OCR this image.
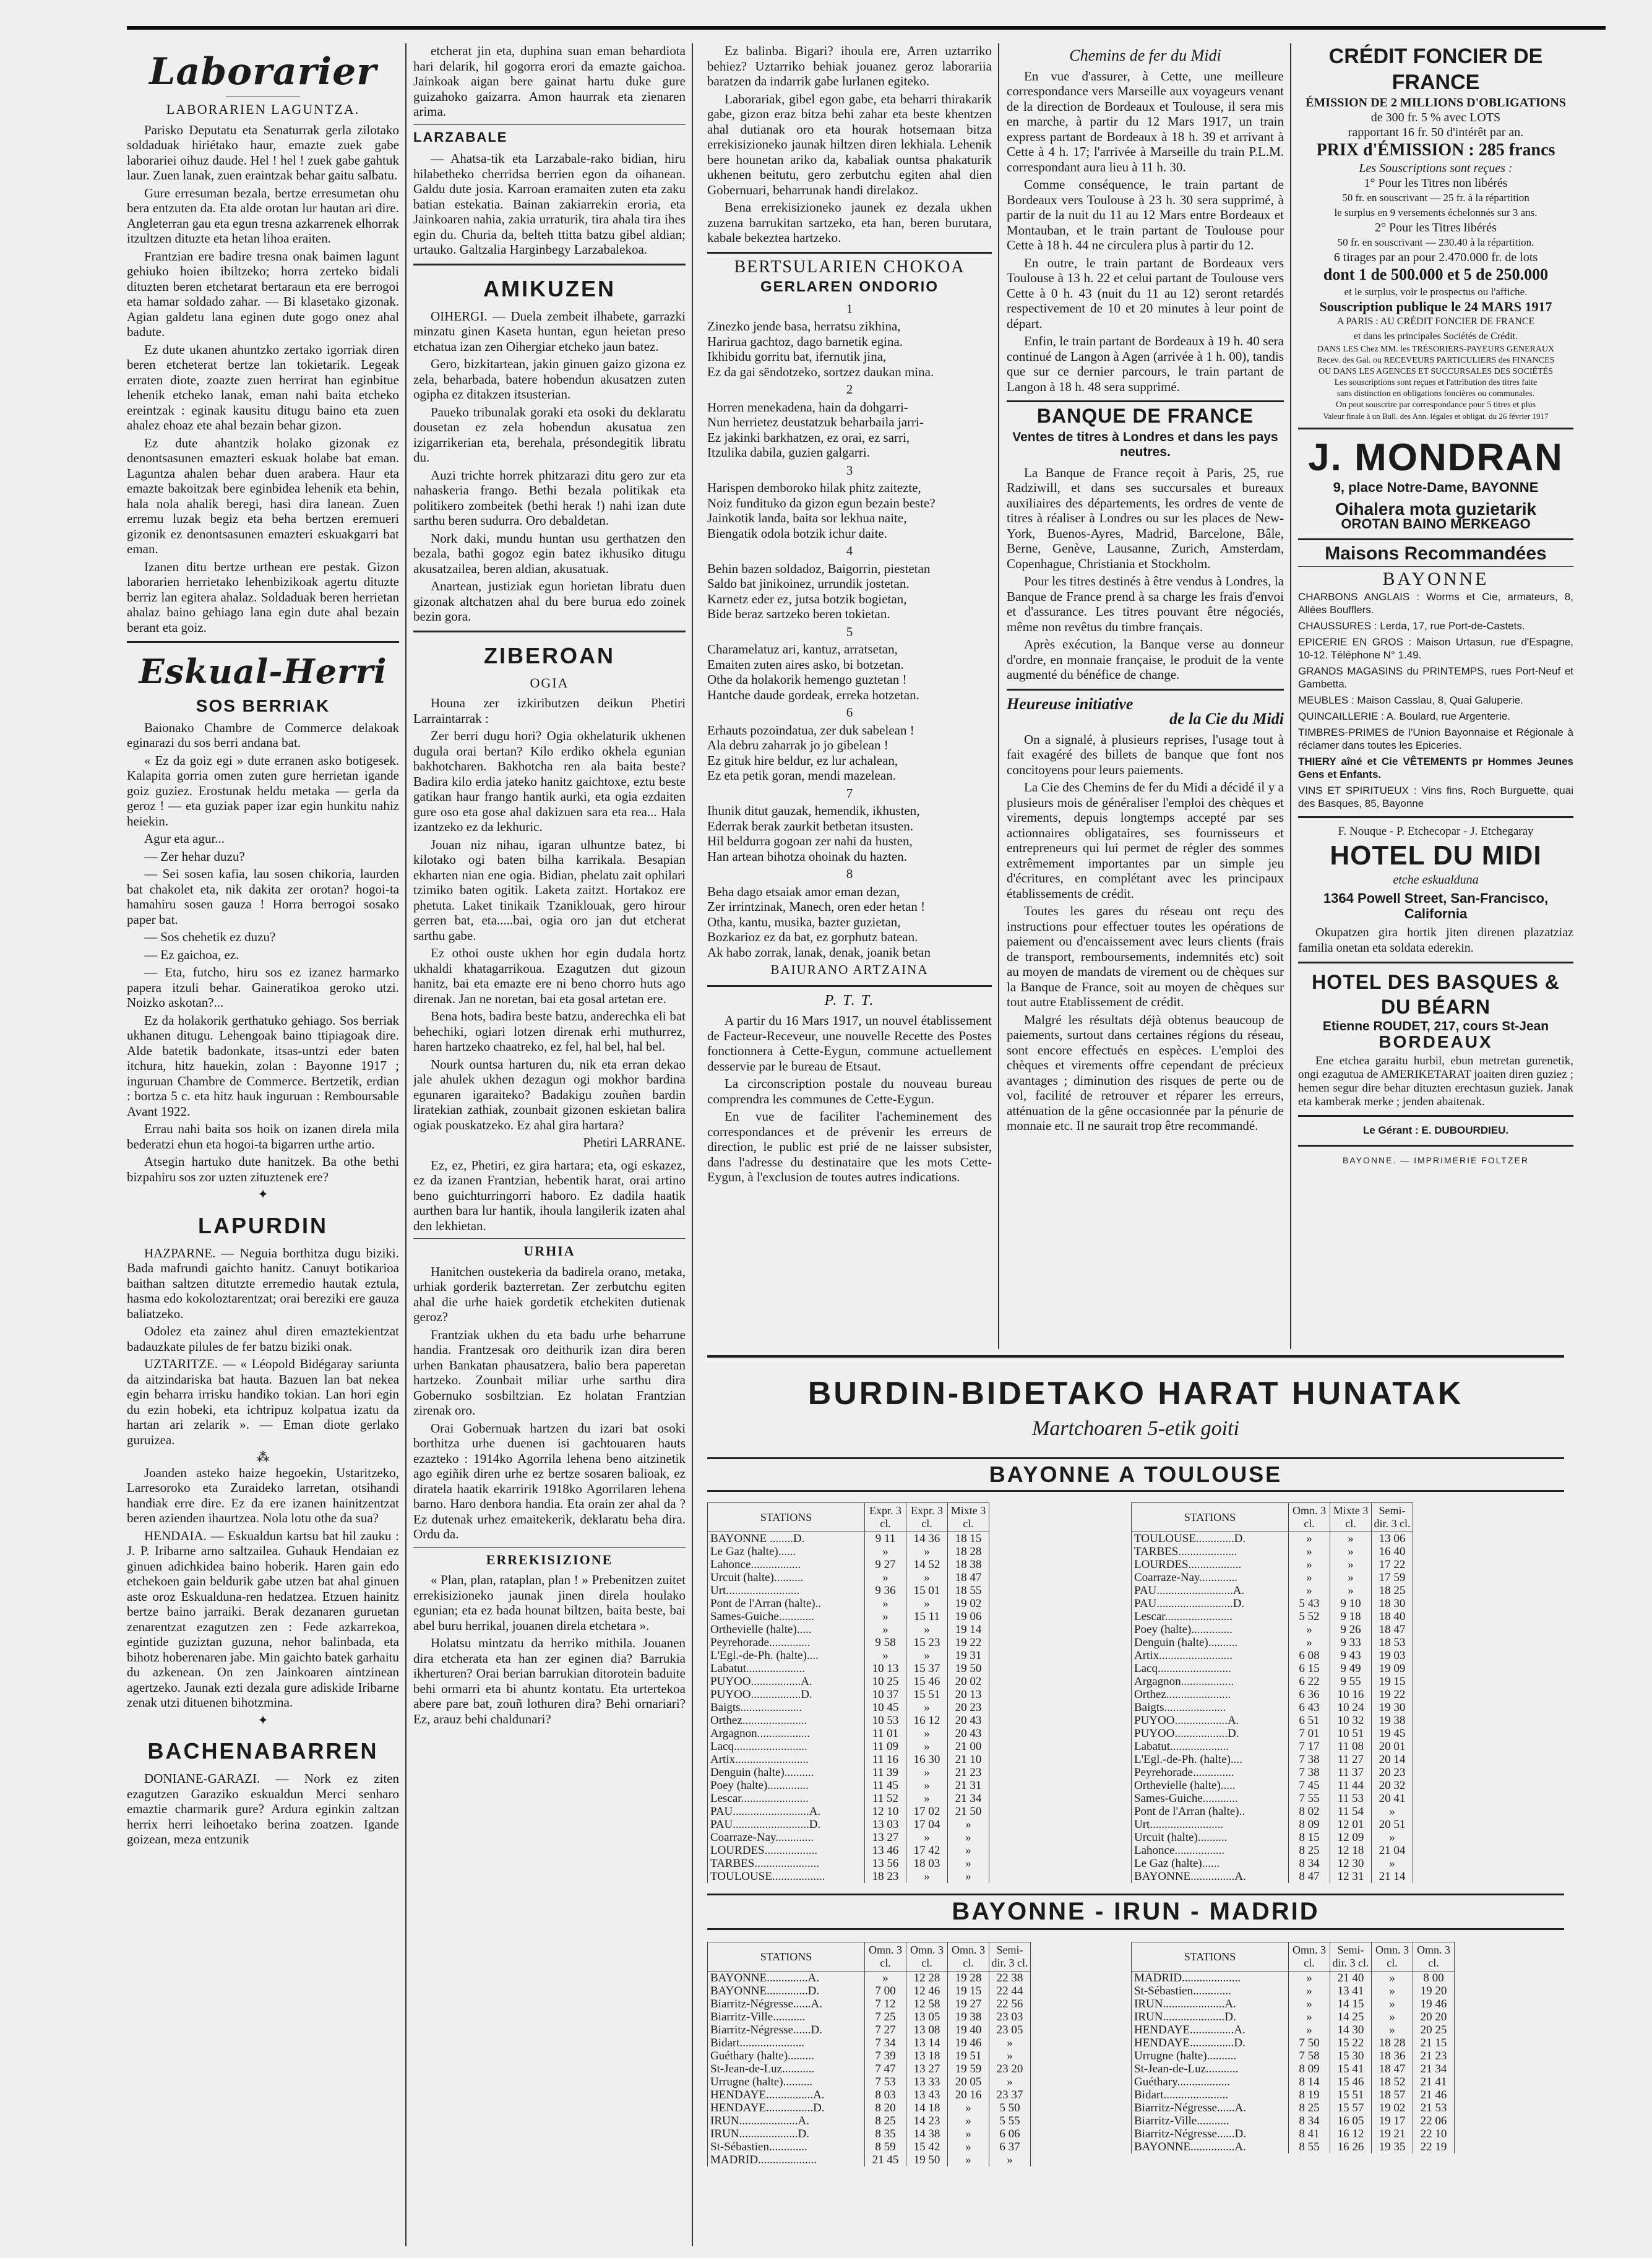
Laborarier
LABORARIEN LAGUNTZA.

Parisko Deputatu eta Senaturrak gerla zilotako soldaduak hiriétako haur, emazte zuek gabe laborariei oihuz daude. Hel ! hel ! zuek gabe gahtuk laur. Zuen lanak, zuen eraintzak behar gaitu salbatu.

Gure erresuman bezala, bertze erresumetan ohu bera entzuten da. Eta alde orotan lur hautan ari dire. Angleterran gau eta egun tresna azkarrenek elhorrak itzultzen dituzte eta hetan lihoa eraiten.

Frantzian ere badire tresna onak baimen lagunt gehiuko hoien ibiltzeko; horra zerteko bidali dituzten beren etchetarat bertaraun eta ere berrogoi eta hamar soldado zahar. — Bi klasetako gizonak. Agian galdetu lana eginen dute gogo onez ahal badute.

Ez dute ukanen ahuntzko zertako igorriak diren beren etcheterat bertze lan tokietarik. Legeak erraten diote, zoazte zuen herrirat han eginbitue lehenik etcheko lanak, eman nahi baita etcheko ereintzak : eginak kausitu ditugu baino eta zuen ahalez ehoaz ete ahal bezain behar gizon.

Ez dute ahantzik holako gizonak ez denontsasunen emazteri eskuak holabe bat eman. Laguntza ahalen behar duen arabera. Haur eta emazte bakoitzak bere eginbidea lehenik eta behin, hala nola ahalik beregi, hasi dira lanean. Zuen erremu luzak begiz eta beha bertzen eremueri gizonik ez denontsasunen emazteri eskuakgarri bat eman.

Izanen ditu bertze urthean ere pestak. Gizon laborarien herrietako lehenbizikoak agertu dituzte berriz lan egitera ahalaz. Soldaduak beren herrietan ahalaz baino gehiago lana egin dute ahal bezain berant eta goiz.

Eskual-Herri
SOS BERRIAK

Baionako Chambre de Commerce delakoak eginarazi du sos berri andana bat.

« Ez da goiz egi » dute erranen asko botigesek. Kalapita gorria omen zuten gure herrietan igande goiz guziez. Erostunak heldu metaka — gerla da geroz ! — eta guziak paper izar egin hunkitu nahiz heiekin.

Agur eta agur...

— Zer hehar duzu?

— Sei sosen kafia, lau sosen chikoria, laurden bat chakolet eta, nik dakita zer orotan? hogoi-ta hamahiru sosen gauza ! Horra berrogoi sosako paper bat.

— Sos chehetik ez duzu?

— Ez gaichoa, ez.

— Eta, futcho, hiru sos ez izanez harmarko papera itzuli behar. Gaineratikoa geroko utzi. Noizko askotan?...

Ez da holakorik gerthatuko gehiago. Sos berriak ukhanen ditugu. Lehengoak baino ttipiagoak dire. Alde batetik badonkate, itsas-untzi eder baten itchura, hitz hauekin, zolan : Bayonne 1917 ; inguruan Chambre de Commerce. Bertzetik, erdian : bortza 5 c. eta hitz hauk inguruan : Remboursable Avant 1922.

Errau nahi baita sos hoik on izanen direla mila bederatzi ehun eta hogoi-ta bigarren urthe artio.

Atsegin hartuko dute hanitzek. Ba othe bethi bizpahiru sos zor uzten zituztenek ere?

✦
LAPURDIN

HAZPARNE. — Neguia borthitza dugu biziki. Bada mafrundi gaichto hanitz. Canuyt botikarioa baithan saltzen ditutzte erremedio hautak eztula, hasma edo kokoloztarentzat; orai bereziki ere gauza baliatzeko.

Odolez eta zainez ahul diren emaztekientzat badauzkate pilules de fer batzu biziki onak.

UZTARITZE. — « Léopold Bidégaray sariunta da aitzindariska bat hauta. Bazuen lan bat nekea egin beharra irrisku handiko tokian. Lan hori egin du ezin hobeki, eta ichtripuz kolpatua izatu da hartan ari zelarik ». — Eman diote gerlako guruizea.

⁂

Joanden asteko haize hegoekin, Ustaritzeko, Larresoroko eta Zuraideko larretan, otsihandi handiak erre dire. Ez da ere izanen hainitzentzat beren azienden ihaurtzea. Nola lotu othe da sua?

HENDAIA. — Eskualdun kartsu bat hil zauku : J. P. Iribarne arno saltzailea. Guhauk Hendaian ez ginuen adichkidea baino hoberik. Haren gain edo etchekoen gain beldurik gabe utzen bat ahal ginuen aste oroz Eskualduna-ren hedatzea. Etzuen hainitz bertze baino jarraiki. Berak dezanaren guruetan zenarentzat ezagutzen zen : Fede azkarrekoa, egintide guziztan guzuna, nehor balinbada, eta bihotz hoberenaren jabe. Min gaichto batek garhaitu du azkenean. On zen Jainkoaren aintzinean agertzeko. Jaunak ezti dezala gure adiskide Iribarne zenak utzi dituenen bihotzmina.

✦
BACHENABARREN

DONIANE-GARAZI. — Nork ez ziten ezagutzen Garaziko eskualdun Merci senharo emaztie charmarik gure? Ardura eginkin zaltzan herrix herri leihoetako berina zoatzen. Igande goizean, meza entzunik

etcherat jin eta, duphina suan eman behardiota hari delarik, hil gogorra erori da emazte gaichoa. Jainkoak aigan bere gainat hartu duke gure guizahoko gaizarra. Amon haurrak eta zienaren arima.

LARZABALE

— Ahatsa-tik eta Larzabale-rako bidian, hiru hilabetheko cherridsa berrien egon da oihanean. Galdu dute josia. Karroan eramaiten zuten eta zaku batian estekatia. Bainan zakiarrekin eroria, eta Jainkoaren nahia, zakia urraturik, tira ahala tira ihes egin du. Churia da, belteh ttitta batzu gibel aldian; urtauko. Galtzalia Harginbegy Larzabalekoa.

AMIKUZEN

OIHERGI. — Duela zembeit ilhabete, garrazki minzatu ginen Kaseta huntan, egun heietan preso etchatua izan zen Oihergiar etcheko jaun batez.

Gero, bizkitartean, jakin ginuen gaizo gizona ez zela, beharbada, batere hobendun akusatzen zuten ogipha ez ditakzen itsusterian.

Paueko tribunalak goraki eta osoki du deklaratu dousetan ez zela hobendun akusatua zen izigarrikerian eta, berehala, présondegitik libratu du.

Auzi trichte horrek phitzarazi ditu gero zur eta nahaskeria frango. Bethi bezala politikak eta politikero zombeitek (bethi herak !) nahi izan dute sarthu beren sudurra. Oro debaldetan.

Nork daki, mundu huntan usu gerthatzen den bezala, bathi gogoz egin batez ikhusiko ditugu akusatzailea, beren aldian, akusatuak.

Anartean, justiziak egun horietan libratu duen gizonak altchatzen ahal du bere burua edo zoinek bezin gora.

ZIBEROAN
OGIA

Houna zer izkiributzen deikun Phetiri Larraintarrak :

Zer berri dugu hori? Ogia okhelaturik ukhenen dugula orai bertan? Kilo erdiko okhela egunian bakhotcharen. Bakhotcha ren ala baita beste? Badira kilo erdia jateko hanitz gaichtoxe, eztu beste gatikan haur frango hantik aurki, eta ogia ezdaiten gure oso eta gose ahal dakizuen sara eta rea... Hala izantzeko ez da lekhuric.

Jouan niz nihau, igaran ulhuntze batez, bi kilotako ogi baten bilha karrikala. Besapian ekharten nian ene ogia. Bidian, phelatu zait ophilari tzimiko baten ogitik. Laketa zaitzt. Hortakoz ere phetuta. Laket tinikaik Tzaniklouak, gero hirour gerren bat, eta.....bai, ogia oro jan dut etcherat sarthu gabe.

Ez othoi ouste ukhen hor egin dudala hortz ukhaldi khatagarrikoua. Ezagutzen dut gizoun hanitz, bai eta emazte ere ni beno chorro huts ago direnak. Jan ne noretan, bai eta gosal artetan ere.

Bena hots, badira beste batzu, anderechka eli bat behechiki, ogiari lotzen direnak erhi muthurrez, haren hartzeko chaatreko, ez fel, hal bel, hal bel.

Nourk ountsa harturen du, nik eta erran dekao jale ahulek ukhen dezagun ogi mokhor bardina egunaren igaraiteko? Badakigu zouñen bardin liratekian zathiak, zounbait gizonen eskietan balira ogiak pouskatzeko. Ez ahal gira hartara?

Phetiri LARRANE.

Ez, ez, Phetiri, ez gira hartara; eta, ogi eskazez, ez da izanen Frantzian, hebentik harat, orai artino beno guichturringorri haboro. Ez dadila haatik aurthen bara lur hantik, ihoula langilerik izaten ahal den lekhietan.

URHIA

Hanitchen oustekeria da badirela orano, metaka, urhiak gorderik bazterretan. Zer zerbutchu egiten ahal die urhe haiek gordetik etchekiten dutienak geroz?

Frantziak ukhen du eta badu urhe beharrune handia. Frantzesak oro deithurik izan dira beren urhen Bankatan phausatzera, balio bera paperetan hartzeko. Zounbait miliar urhe sarthu dira Gobernuko sosbiltzian. Ez holatan Frantzian zirenak oro.

Orai Gobernuak hartzen du izari bat osoki borthitza urhe duenen isi gachtouaren hauts ezazteko : 1914ko Agorrila lehena beno aitzinetik ago egiñik diren urhe ez bertze sosaren balioak, ez diratela haatik ekarririk 1918ko Agorrilaren lehena barno. Haro denbora handia. Eta orain zer ahal da ? Ez dutenak urhez emaitekerik, deklaratu beha dira. Ordu da.

ERREKISIZIONE

« Plan, plan, rataplan, plan ! » Prebenitzen zuitet errekisizioneko jaunak jinen direla houlako egunian; eta ez bada hounat biltzen, baita beste, bai abel buru herrikal, jouanen direla etchetara ».

Holatsu mintzatu da herriko mithila. Jouanen dira etcherata eta han zer eginen dia? Barrukia ikherturen? Orai berian barrukian ditorotein baduite behi ormarri eta bi ahuntz kontatu. Eta urtertekoa abere pare bat, zouñ lothuren dira? Behi ornariari? Ez, arauz behi chaldunari?

Ez balinba. Bigari? ihoula ere, Arren uztarriko behiez? Uztarriko behiak jouanez geroz laborariia baratzen da indarrik gabe lurlanen egiteko.

Laborariak, gibel egon gabe, eta beharri thirakarik gabe, gizon eraz bitza behi zahar eta beste khentzen ahal dutianak oro eta hourak hotsemaan bitza errekisizioneko jaunak hiltzen diren lekhiala. Lehenik bere hounetan ariko da, kabaliak ountsa phakaturik ukhenen beitutu, gero zerbutchu egiten ahal dien Gobernuari, beharrunak handi direlakoz.

Bena errekisizioneko jaunek ez dezala ukhen zuzena barrukitan sartzeko, eta han, beren burutara, kabale bekeztea hartzeko.

BERTSULARIEN CHOKOA
GERLAREN ONDORIO
1

Zinezko jende basa, herratsu zikhina,

Harirua gachtoz, dago barnetik egina.

Ikhibidu gorritu bat, ifernutik jina,

Ez da gai sëndotzeko, sortzez daukan mina.

2

Horren menekadena, hain da dohgarri-

Nun herrietez deustatzuk beharbaila jarri-

Ez jakinki barkhatzen, ez orai, ez sarri,

Itzulika dabila, guzien galgarri.

3

Harispen demboroko hilak phitz zaitezte,

Noiz fundituko da gizon egun bezain beste?

Jainkotik landa, baita sor lekhua naite,

Biengatik odola botzik ichur daite.

4

Behin bazen soldadoz, Baigorrin, piestetan

Saldo bat jinikoinez, urrundik jostetan.

Karnetz eder ez, jutsa botzik bogietan,

Bide beraz sartzeko beren tokietan.

5

Charamelatuz ari, kantuz, arratsetan,

Emaiten zuten aires asko, bi botzetan.

Othe da holakorik hemengo guztetan !

Hantche daude gordeak, erreka hotzetan.

6

Erhauts pozoindatua, zer duk sabelean !

Ala debru zaharrak jo jo gibelean !

Ez gituk hire beldur, ez lur achalean,

Ez eta petik goran, mendi mazelean.

7

Ihunik ditut gauzak, hemendik, ikhusten,

Ederrak berak zaurkit betbetan itsusten.

Hil beldurra gogoan zer nahi da husten,

Han artean bihotza ohoinak du hazten.

8

Beha dago etsaiak amor eman dezan,

Zer irrintzinak, Manech, oren eder hetan !

Otha, kantu, musika, bazter guzietan,

Bozkarioz ez da bat, ez gorphutz batean.

Ak habo zorrak, lanak, denak, joanik betan

BAIURANO ARTZAINA
P. T. T.

A partir du 16 Mars 1917, un nouvel établissement de Facteur-Receveur, une nouvelle Recette des Postes fonctionnera à Cette-Eygun, commune actuellement desservie par le bureau de Etsaut.

La circonscription postale du nouveau bureau comprendra les communes de Cette-Eygun.

En vue de faciliter l'acheminement des correspondances et de prévenir les erreurs de direction, le public est prié de ne laisser subsister, dans l'adresse du destinataire que les mots Cette-Eygun, à l'exclusion de toutes autres indications.

Chemins de fer du Midi

En vue d'assurer, à Cette, une meilleure correspondance vers Marseille aux voyageurs venant de la direction de Bordeaux et Toulouse, il sera mis en marche, à partir du 12 Mars 1917, un train express partant de Bordeaux à 18 h. 39 et arrivant à Cette à 4 h. 17; l'arrivée à Marseille du train P.L.M. correspondant aura lieu à 11 h. 30.

Comme conséquence, le train partant de Bordeaux vers Toulouse à 23 h. 30 sera supprimé, à partir de la nuit du 11 au 12 Mars entre Bordeaux et Montauban, et le train partant de Toulouse pour Cette à 18 h. 44 ne circulera plus à partir du 12.

En outre, le train partant de Bordeaux vers Toulouse à 13 h. 22 et celui partant de Toulouse vers Cette à 0 h. 43 (nuit du 11 au 12) seront retardés respectivement de 10 et 20 minutes à leur point de départ.

Enfin, le train partant de Bordeaux à 19 h. 40 sera continué de Langon à Agen (arrivée à 1 h. 00), tandis que sur ce dernier parcours, le train partant de Langon à 18 h. 48 sera supprimé.

BANQUE DE FRANCE
Ventes de titres à Londres et dans les pays neutres.

La Banque de France reçoit à Paris, 25, rue Radziwill, et dans ses succursales et bureaux auxiliaires des départements, les ordres de vente de titres à réaliser à Londres ou sur les places de New-York, Buenos-Ayres, Madrid, Barcelone, Bâle, Berne, Genève, Lausanne, Zurich, Amsterdam, Copenhague, Christiania et Stockholm.

Pour les titres destinés à être vendus à Londres, la Banque de France prend à sa charge les frais d'envoi et d'assurance. Les titres pouvant être négociés, même non revêtus du timbre français.

Après exécution, la Banque verse au donneur d'ordre, en monnaie française, le produit de la vente augmenté du bénéfice de change.

Heureuse initiative
de la Cie du Midi

On a signalé, à plusieurs reprises, l'usage tout à fait exagéré des billets de banque que font nos concitoyens pour leurs paiements.

La Cie des Chemins de fer du Midi a décidé il y a plusieurs mois de généraliser l'emploi des chèques et virements, depuis longtemps accepté par ses actionnaires obligataires, ses fournisseurs et entrepreneurs qui lui permet de régler des sommes extrêmement importantes par un simple jeu d'écritures, en complétant avec les principaux établissements de crédit.

Toutes les gares du réseau ont reçu des instructions pour effectuer toutes les opérations de paiement ou d'encaissement avec leurs clients (frais de transport, remboursements, indemnités etc) soit au moyen de mandats de virement ou de chèques sur la Banque de France, soit au moyen de chèques sur tout autre Etablissement de crédit.

Malgré les résultats déjà obtenus beaucoup de paiements, surtout dans certaines régions du réseau, sont encore effectués en espèces. L'emploi des chèques et virements offre cependant de précieux avantages ; diminution des risques de perte ou de vol, facilité de retrouver et réparer les erreurs, atténuation de la gêne occasionnée par la pénurie de monnaie etc. Il ne saurait trop être recommandé.

CRÉDIT FONCIER DE FRANCE
ÉMISSION DE 2 MILLIONS D'OBLIGATIONS
de 300 fr. 5 % avec LOTS
rapportant 16 fr. 50 d'intérêt par an.
PRIX d'ÉMISSION : 285 francs
Les Souscriptions sont reçues :
1° Pour les Titres non libérés
50 fr. en souscrivant — 25 fr. à la répartition
le surplus en 9 versements échelonnés sur 3 ans.
2° Pour les Titres libérés
50 fr. en souscrivant — 230.40 à la répartition.
6 tirages par an pour 2.470.000 fr. de lots
dont 1 de 500.000 et 5 de 250.000
et le surplus, voir le prospectus ou l'affiche.
Souscription publique le 24 MARS 1917
A PARIS : AU CRÉDIT FONCIER DE FRANCE
et dans les principales Sociétés de Crédit.
DANS LES Chez MM. les TRÉSORIERS-PAYEURS GENERAUX
Recev. des Gal. ou RECEVEURS PARTICULIERS des FINANCES
OU DANS LES AGENCES ET SUCCURSALES DES SOCIÉTÉS
Les souscriptions sont reçues et l'attribution des titres faite
sans distinction en obligations foncières ou communales.
On peut souscrire par correspondance pour 5 titres et plus
Valeur finale à un Bull. des Ann. légales et obligat. du 26 février 1917
J. MONDRAN
9, place Notre-Dame, BAYONNE
Oihalera mota guzietarik
OROTAN BAINO MERKEAGO
Maisons Recommandées
BAYONNE

CHARBONS ANGLAIS : Worms et Cie, armateurs, 8, Allées Boufflers.

CHAUSSURES : Lerda, 17, rue Port-de-Castets.

EPICERIE EN GROS : Maison Urtasun, rue d'Espagne, 10-12. Téléphone N° 1.49.

GRANDS MAGASINS du PRINTEMPS, rues Port-Neuf et Gambetta.

MEUBLES : Maison Casslau, 8, Quai Galuperie.

QUINCAILLERIE : A. Boulard, rue Argenterie.

TIMBRES-PRIMES de l'Union Bayonnaise et Régionale à réclamer dans toutes les Epiceries.

THIERY aîné et Cie VÊTEMENTS pr Hommes Jeunes Gens et Enfants.

VINS ET SPIRITUEUX : Vins fins, Roch Burguette, quai des Basques, 85, Bayonne

F. Nouque - P. Etchecopar - J. Etchegaray
HOTEL DU MIDI
etche eskualduna
1364 Powell Street, San-Francisco, California

Okupatzen gira hortik jiten direnen plazatziaz familia onetan eta soldata ederekin.

HOTEL DES BASQUES & DU BÉARN
Etienne ROUDET, 217, cours St-Jean
BORDEAUX

Ene etchea garaitu hurbil, ebun metretan gurenetik, ongi ezagutua de AMERIKETARAT joaiten diren guziez ; hemen segur dire behar dituzten erechtasun guziek. Janak eta kamberak merke ; jenden abaitenak.

Le Gérant : E. DUBOURDIEU.
BAYONNE. — IMPRIMERIE FOLTZER
BURDIN-BIDETAKO HARAT HUNATAK
Martchoaren 5-etik goiti
BAYONNE A TOULOUSE
STATIONS	Expr. 3 cl.	Expr. 3 cl.	Mixte 3 cl.
BAYONNE ........D.	9 11	14 36	18 15
Le Gaz (halte)......	»	»	18 28
Lahonce.................	9 27	14 52	18 38
Urcuit (halte)..........	»	»	18 47
Urt.........................	9 36	15 01	18 55
Pont de l'Arran (halte)..	»	»	19 02
Sames-Guiche............	»	15 11	19 06
Orthevielle (halte).....	»	»	19 14
Peyrehorade..............	9 58	15 23	19 22
L'Egl.-de-Ph. (halte)....	»	»	19 31
Labatut....................	10 13	15 37	19 50
PUYOO.................A.	10 25	15 46	20 02
PUYOO.................D.	10 37	15 51	20 13
Baigts.....................	10 45	»	20 23
Orthez......................	10 53	16 12	20 43
Argagnon..................	11 01	»	20 43
Lacq.........................	11 09	»	21 00
Artix.........................	11 16	16 30	21 10
Denguin (halte)..........	11 39	»	21 23
Poey (halte)..............	11 45	»	21 31
Lescar.......................	11 52	»	21 34
PAU..........................A.	12 10	17 02	21 50
PAU..........................D.	13 03	17 04	»
Coarraze-Nay.............	13 27	»	»
LOURDES..................	13 46	17 42	»
TARBES......................	13 56	18 03	»
TOULOUSE..................	18 23	»	»
STATIONS	Omn. 3 cl.	Mixte 3 cl.	Semi-dir. 3 cl.
TOULOUSE.............D.	»	»	13 06
TARBES....................	»	»	16 40
LOURDES..................	»	»	17 22
Coarraze-Nay.............	»	»	17 59
PAU..........................A.	»	»	18 25
PAU..........................D.	5 43	9 10	18 30
Lescar.......................	5 52	9 18	18 40
Poey (halte)..............	»	9 26	18 47
Denguin (halte)..........	»	9 33	18 53
Artix.........................	6 08	9 43	19 03
Lacq.........................	6 15	9 49	19 09
Argagnon..................	6 22	9 55	19 15
Orthez......................	6 36	10 16	19 22
Baigts.....................	6 43	10 24	19 30
PUYOO..................A.	6 51	10 32	19 38
PUYOO..................D.	7 01	10 51	19 45
Labatut....................	7 17	11 08	20 01
L'Egl.-de-Ph. (halte)....	7 38	11 27	20 14
Peyrehorade..............	7 38	11 37	20 23
Orthevielle (halte).....	7 45	11 44	20 32
Sames-Guiche............	7 55	11 53	20 41
Pont de l'Arran (halte)..	8 02	11 54	»
Urt.........................	8 09	12 01	20 51
Urcuit (halte)..........	8 15	12 09	»
Lahonce.................	8 25	12 18	21 04
Le Gaz (halte)......	8 34	12 30	»
BAYONNE...............A.	8 47	12 31	21 14
BAYONNE - IRUN - MADRID
STATIONS	Omn. 3 cl.	Omn. 3 cl.	Omn. 3 cl.	Semi-dir. 3 cl.
BAYONNE..............A.	»	12 28	19 28	22 38
BAYONNE..............D.	7 00	12 46	19 15	22 44
Biarritz-Négresse......A.	7 12	12 58	19 27	22 56
Biarritz-Ville...........	7 25	13 05	19 38	23 03
Biarritz-Négresse......D.	7 27	13 08	19 40	23 05
Bidart......................	7 34	13 14	19 46	»
Guéthary (halte).........	7 39	13 18	19 51	»
St-Jean-de-Luz...........	7 47	13 27	19 59	23 20
Urrugne (halte)..........	7 53	13 33	20 05	»
HENDAYE................A.	8 03	13 43	20 16	23 37
HENDAYE................D.	8 20	14 18	»	5 50
IRUN....................A.	8 25	14 23	»	5 55
IRUN....................D.	8 35	14 38	»	6 06
St-Sébastien.............	8 59	15 42	»	6 37
MADRID....................	21 45	19 50	»	»
STATIONS	Omn. 3 cl.	Semi-dir. 3 cl.	Omn. 3 cl.	Omn. 3 cl.
MADRID....................	»	21 40	»	8 00
St-Sébastien.............	»	13 41	»	19 20
IRUN.....................A.	»	14 15	»	19 46
IRUN.....................D.	»	14 25	»	20 20
HENDAYE...............A.	»	14 30	»	20 25
HENDAYE...............D.	7 50	15 22	18 28	21 15
Urrugne (halte)..........	7 58	15 30	18 36	21 23
St-Jean-de-Luz...........	8 09	15 41	18 47	21 34
Guéthary..................	8 14	15 46	18 52	21 41
Bidart......................	8 19	15 51	18 57	21 46
Biarritz-Négresse......A.	8 25	15 57	19 02	21 53
Biarritz-Ville...........	8 34	16 05	19 17	22 06
Biarritz-Négresse......D.	8 41	16 12	19 21	22 10
BAYONNE...............A.	8 55	16 26	19 35	22 19
